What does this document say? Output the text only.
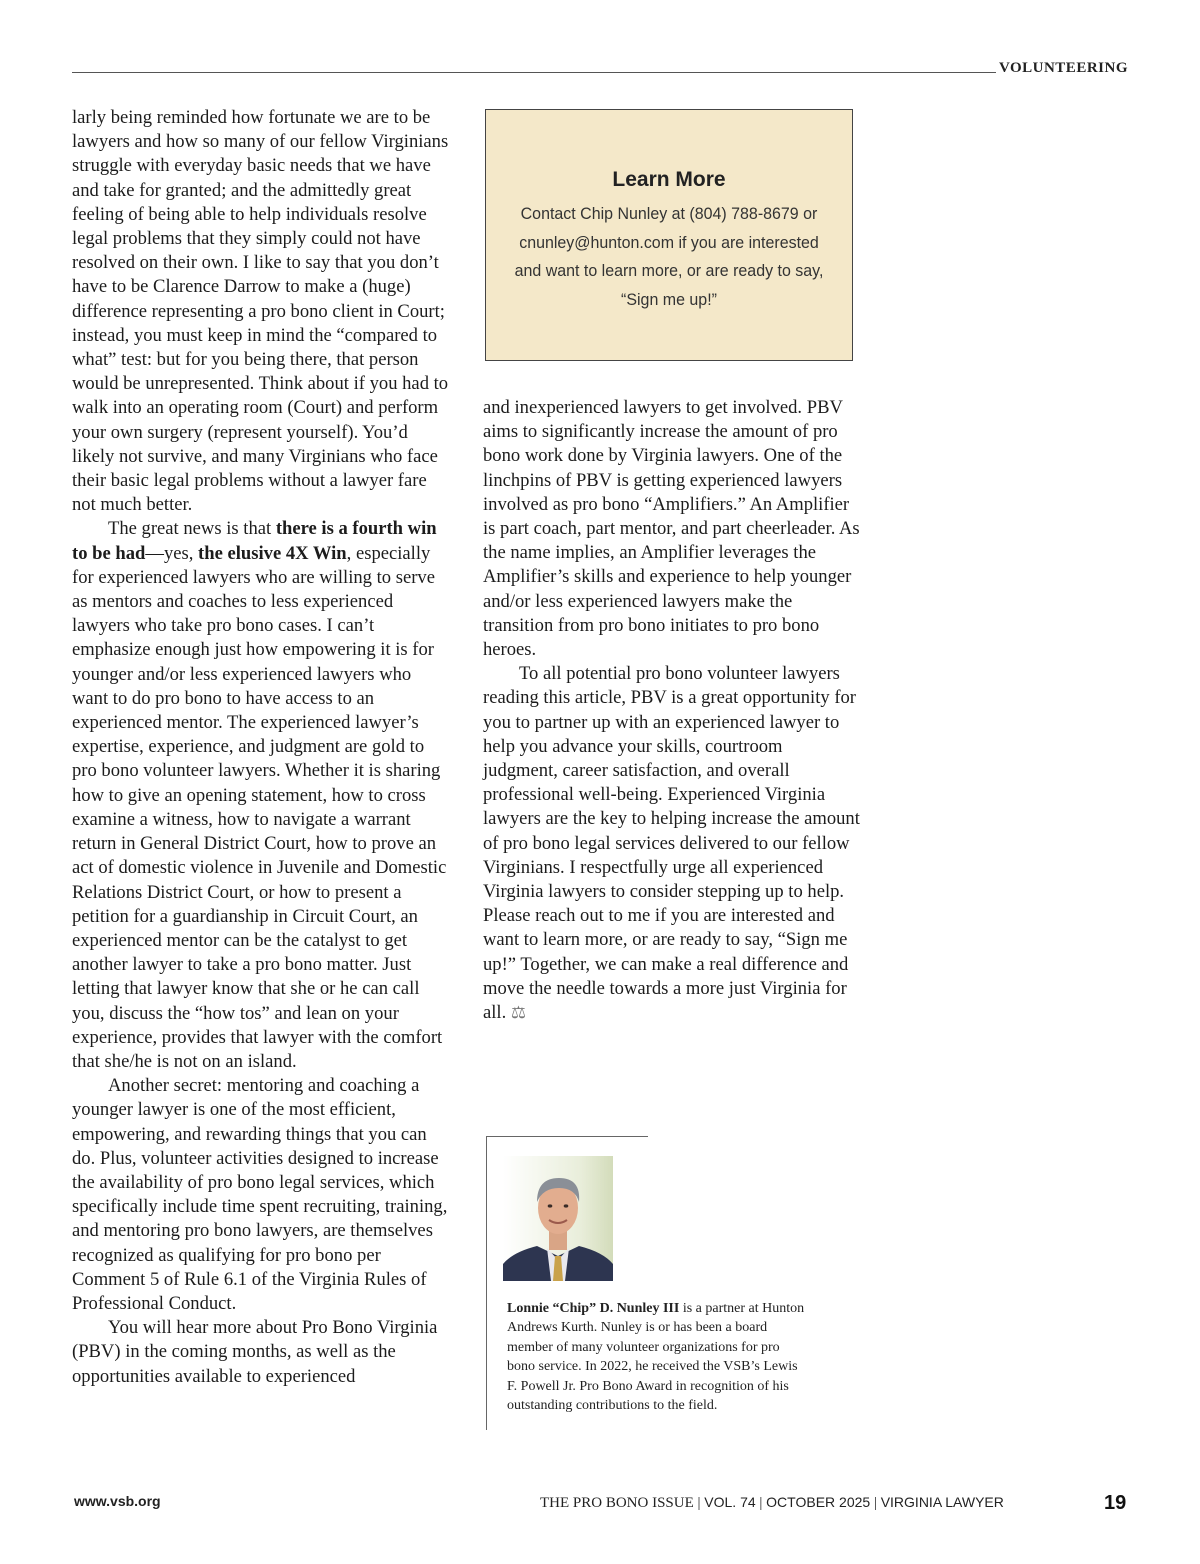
VOLUNTEERING

larly being reminded how fortunate we are to be lawyers and how so many of our fellow Virginians struggle with everyday basic needs that we have and take for granted; and the admittedly great feeling of being able to help individuals resolve legal problems that they simply could not have resolved on their own. I like to say that you don’t have to be Clarence Darrow to make a (huge) difference representing a pro bono client in Court; instead, you must keep in mind the “compared to what” test: but for you being there, that person would be unrepresented. Think about if you had to walk into an operating room (Court) and perform your own surgery (represent yourself). You’d likely not survive, and many Virginians who face their basic legal problems without a lawyer fare not much better.

The great news is that there is a fourth win to be had—yes, the elusive 4X Win, especially for experienced lawyers who are willing to serve as mentors and coaches to less experienced lawyers who take pro bono cases. I can’t emphasize enough just how empowering it is for younger and/or less experienced lawyers who want to do pro bono to have access to an experienced mentor. The experienced lawyer’s expertise, experience, and judgment are gold to pro bono volunteer lawyers. Whether it is sharing how to give an opening statement, how to cross examine a witness, how to navigate a warrant return in General District Court, how to prove an act of domestic violence in Juvenile and Domestic Relations District Court, or how to present a petition for a guardianship in Circuit Court, an experienced mentor can be the catalyst to get another lawyer to take a pro bono matter. Just letting that lawyer know that she or he can call you, discuss the “how tos” and lean on your experience, provides that lawyer with the comfort that she/he is not on an island.

Another secret: mentoring and coaching a younger lawyer is one of the most efficient, empowering, and rewarding things that you can do. Plus, volunteer activities designed to increase the availability of pro bono legal services, which specifically include time spent recruiting, training, and mentoring pro bono lawyers, are themselves recognized as qualifying for pro bono per Comment 5 of Rule 6.1 of the Virginia Rules of Professional Conduct.

You will hear more about Pro Bono Virginia (PBV) in the coming months, as well as the opportunities available to experienced

Learn More
Contact Chip Nunley at (804) 788-8679 or cnunley@hunton.com if you are interested and want to learn more, or are ready to say, “Sign me up!”

and inexperienced lawyers to get involved. PBV aims to significantly increase the amount of pro bono work done by Virginia lawyers. One of the linchpins of PBV is getting experienced lawyers involved as pro bono “Amplifiers.” An Amplifier is part coach, part mentor, and part cheerleader. As the name implies, an Amplifier leverages the Amplifier’s skills and experience to help younger and/or less experienced lawyers make the transition from pro bono initiates to pro bono heroes.

To all potential pro bono volunteer lawyers reading this article, PBV is a great opportunity for you to partner up with an experienced lawyer to help you advance your skills, courtroom judgment, career satisfaction, and overall professional well-being. Experienced Virginia lawyers are the key to helping increase the amount of pro bono legal services delivered to our fellow Virginians. I respectfully urge all experienced Virginia lawyers to consider stepping up to help. Please reach out to me if you are interested and want to learn more, or are ready to say, “Sign me up!” Together, we can make a real difference and move the needle towards a more just Virginia for all. ⚖

Lonnie “Chip” D. Nunley III is a partner at Hunton Andrews Kurth. Nunley is or has been a board member of many volunteer organizations for pro bono service. In 2022, he received the VSB’s Lewis F. Powell Jr. Pro Bono Award in recognition of his outstanding contributions to the field.
www.vsb.org	THE PRO BONO ISSUE | VOL. 74 | OCTOBER 2025 | VIRGINIA LAWYER	19
